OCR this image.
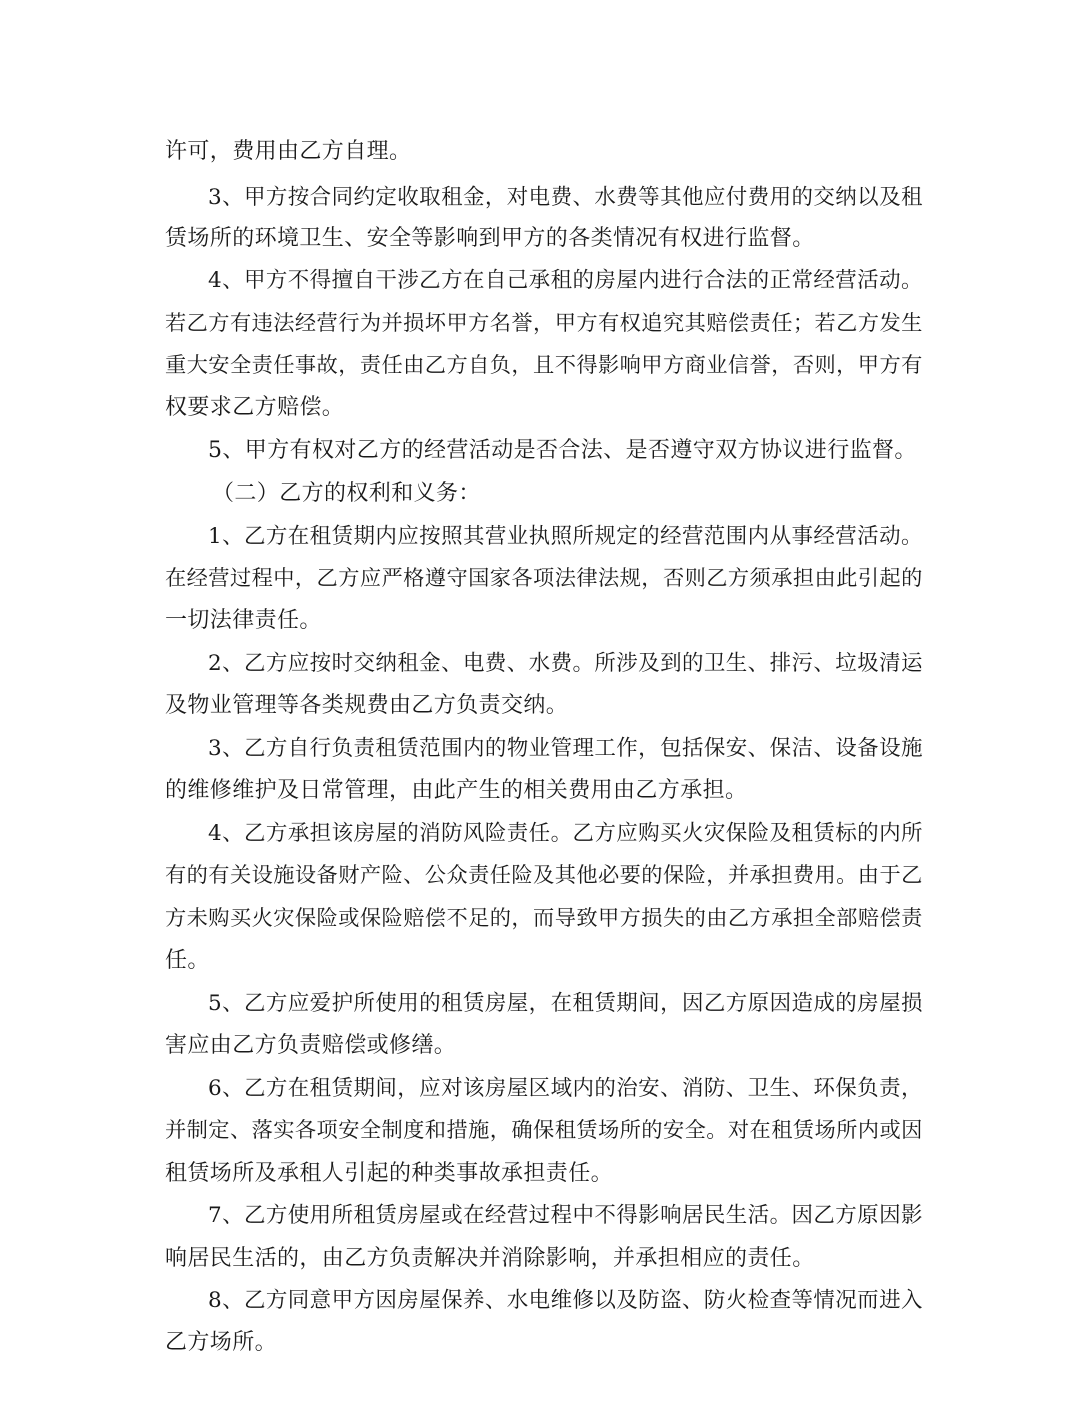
许可，费用由乙方自理。
3、甲方按合同约定收取租金，对电费、水费等其他应付费用的交纳以及租
赁场所的环境卫生、安全等影响到甲方的各类情况有权进行监督。
4、甲方不得擅自干涉乙方在自己承租的房屋内进行合法的正常经营活动。
若乙方有违法经营行为并损坏甲方名誉，甲方有权追究其赔偿责任；若乙方发生
重大安全责任事故，责任由乙方自负，且不得影响甲方商业信誉，否则，甲方有
权要求乙方赔偿。
5、甲方有权对乙方的经营活动是否合法、是否遵守双方协议进行监督。
（二）乙方的权利和义务：
1、乙方在租赁期内应按照其营业执照所规定的经营范围内从事经营活动。
在经营过程中，乙方应严格遵守国家各项法律法规，否则乙方须承担由此引起的
一切法律责任。
2、乙方应按时交纳租金、电费、水费。所涉及到的卫生、排污、垃圾清运
及物业管理等各类规费由乙方负责交纳。
3、乙方自行负责租赁范围内的物业管理工作，包括保安、保洁、设备设施
的维修维护及日常管理，由此产生的相关费用由乙方承担。
4、乙方承担该房屋的消防风险责任。乙方应购买火灾保险及租赁标的内所
有的有关设施设备财产险、公众责任险及其他必要的保险，并承担费用。由于乙
方未购买火灾保险或保险赔偿不足的，而导致甲方损失的由乙方承担全部赔偿责
任。
5、乙方应爱护所使用的租赁房屋，在租赁期间，因乙方原因造成的房屋损
害应由乙方负责赔偿或修缮。
6、乙方在租赁期间，应对该房屋区域内的治安、消防、卫生、环保负责，
并制定、落实各项安全制度和措施，确保租赁场所的安全。对在租赁场所内或因
租赁场所及承租人引起的种类事故承担责任。
7、乙方使用所租赁房屋或在经营过程中不得影响居民生活。因乙方原因影
响居民生活的，由乙方负责解决并消除影响，并承担相应的责任。
8、乙方同意甲方因房屋保养、水电维修以及防盗、防火检查等情况而进入
乙方场所。
